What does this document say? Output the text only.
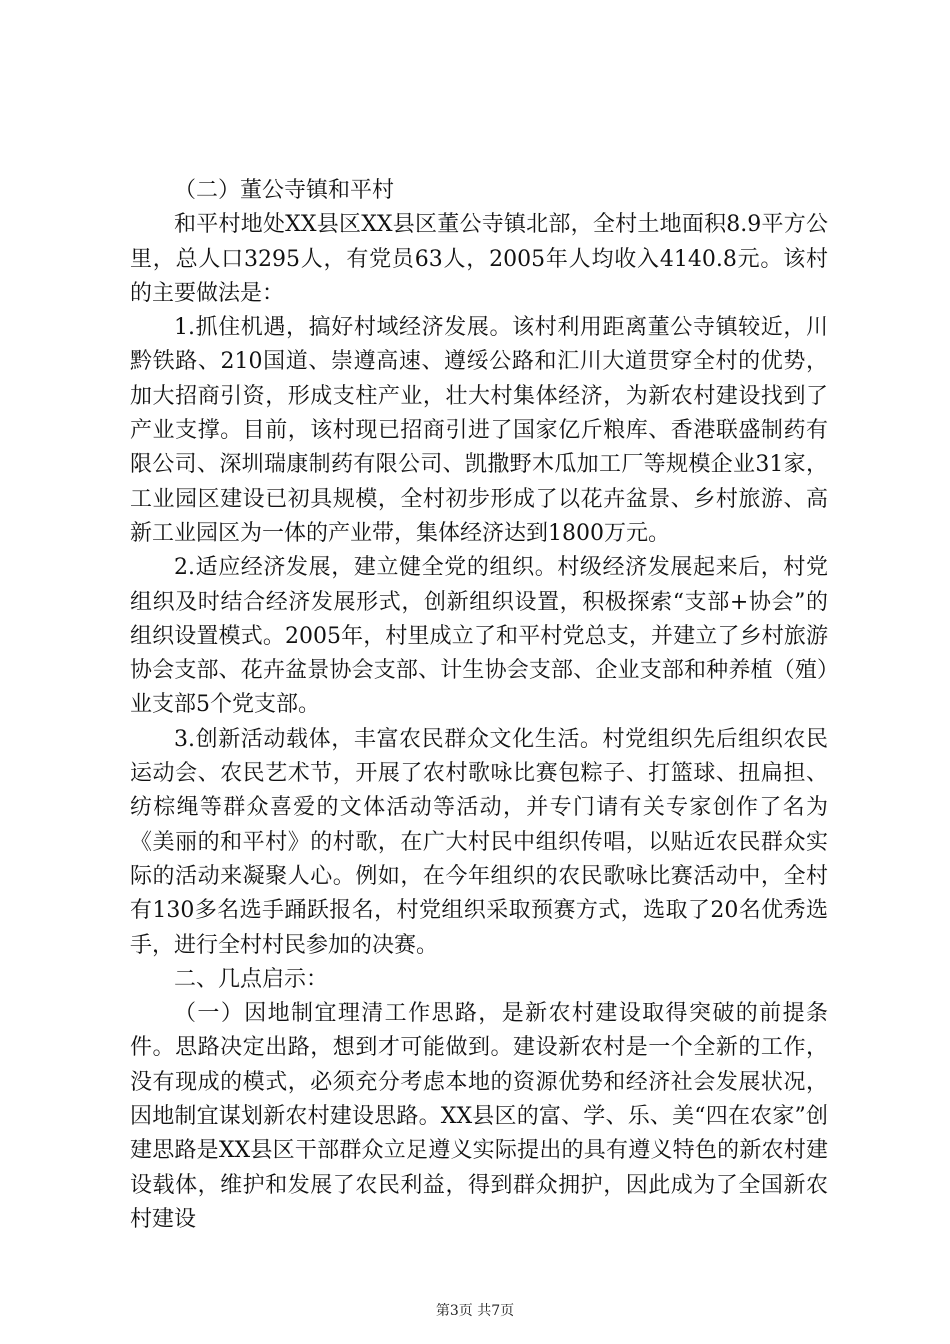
（二）董公寺镇和平村

和平村地处XX县区XX县区董公寺镇北部，全村土地面积8.9平方公里，总人口3295人，有党员63人，2005年人均收入4140.8元。该村的主要做法是：

1.抓住机遇，搞好村域经济发展。该村利用距离董公寺镇较近，川黔铁路、210国道、崇遵高速、遵绥公路和汇川大道贯穿全村的优势，加大招商引资，形成支柱产业，壮大村集体经济，为新农村建设找到了产业支撑。目前，该村现已招商引进了国家亿斤粮库、香港联盛制药有限公司、深圳瑞康制药有限公司、凯撒野木瓜加工厂等规模企业31家，工业园区建设已初具规模，全村初步形成了以花卉盆景、乡村旅游、高新工业园区为一体的产业带，集体经济达到1800万元。

2.适应经济发展，建立健全党的组织。村级经济发展起来后，村党组织及时结合经济发展形式，创新组织设置，积极探索“支部+协会”的组织设置模式。2005年，村里成立了和平村党总支，并建立了乡村旅游协会支部、花卉盆景协会支部、计生协会支部、企业支部和种养植（殖）业支部5个党支部。

3.创新活动载体，丰富农民群众文化生活。村党组织先后组织农民运动会、农民艺术节，开展了农村歌咏比赛包粽子、打篮球、扭扁担、纺棕绳等群众喜爱的文体活动等活动，并专门请有关专家创作了名为《美丽的和平村》的村歌，在广大村民中组织传唱，以贴近农民群众实际的活动来凝聚人心。例如，在今年组织的农民歌咏比赛活动中，全村有130多名选手踊跃报名，村党组织采取预赛方式，选取了20名优秀选手，进行全村村民参加的决赛。

二、几点启示：

（一）因地制宜理清工作思路，是新农村建设取得突破的前提条件。思路决定出路，想到才可能做到。建设新农村是一个全新的工作，没有现成的模式，必须充分考虑本地的资源优势和经济社会发展状况，因地制宜谋划新农村建设思路。XX县区的富、学、乐、美“四在农家”创建思路是XX县区干部群众立足遵义实际提出的具有遵义特色的新农村建设载体，维护和发展了农民利益，得到群众拥护，因此成为了全国新农村建设

第3页 共7页
